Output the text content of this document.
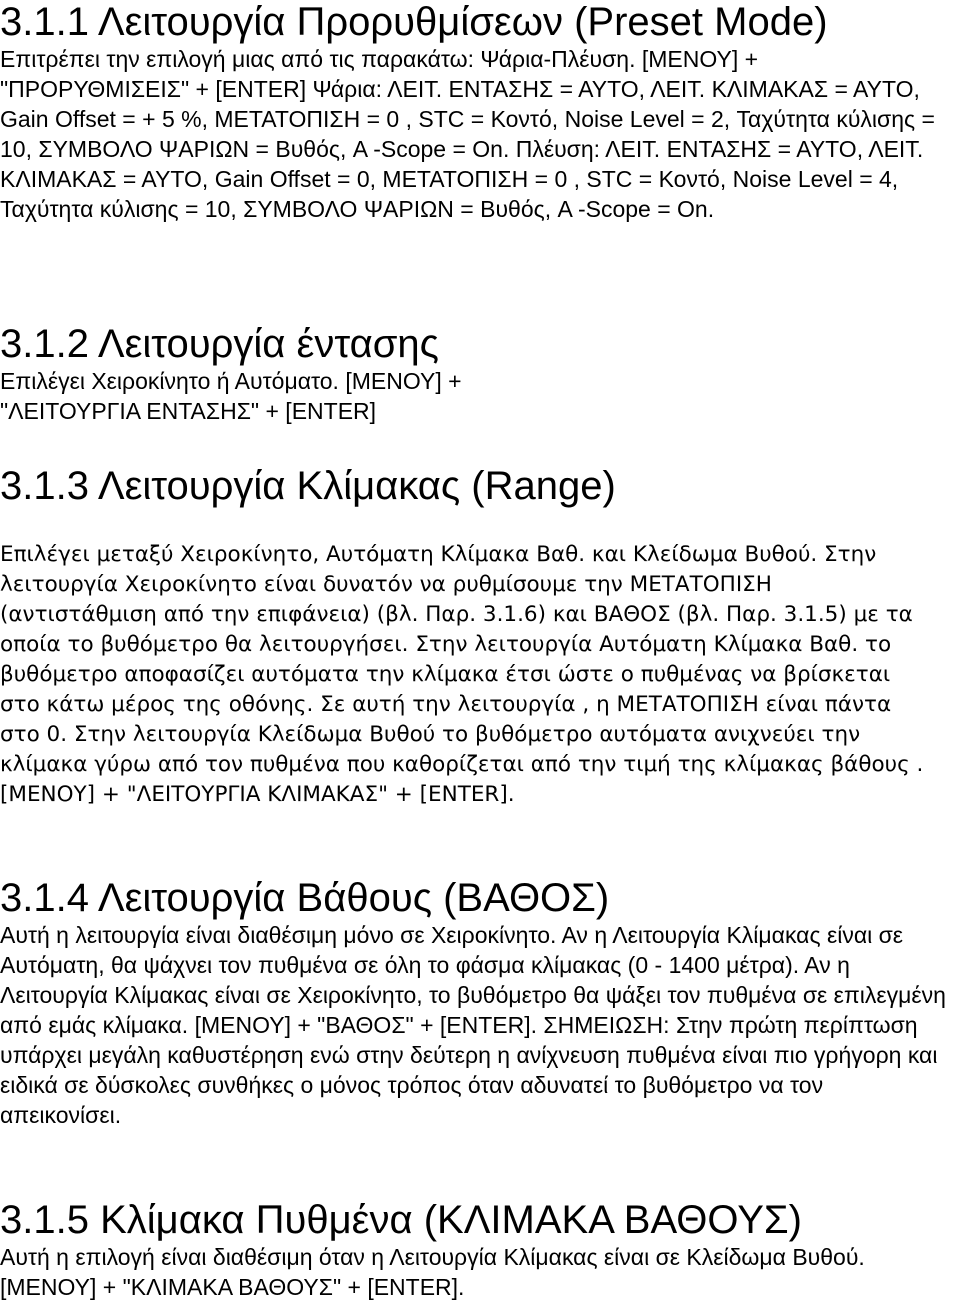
3.1.1 Λειτουργία Προρυθμίσεων (Preset Mode)

Επιτρέπει την επιλογή μιας από τις παρακάτω: Ψάρια-Πλέυση. [ΜΕΝΟΥ] + "ΠΡΟΡΥΘΜΙΣΕΙΣ" + [ENTER] Ψάρια: ΛΕΙΤ. ΕΝΤΑΣΗΣ = ΑΥΤΟ, ΛΕΙΤ. ΚΛΙΜΑΚΑΣ = ΑΥΤΟ, Gain Offset = + 5 %, ΜΕΤΑΤΟΠΙΣΗ = 0 , STC = Κοντό, Noise Level = 2, Ταχύτητα κύλισης = 10, ΣΥΜΒΟΛΟ ΨΑΡΙΩΝ = Βυθός, A -Scope = On. Πλέυση: ΛΕΙΤ. ΕΝΤΑΣΗΣ = ΑΥΤΟ, ΛΕΙΤ. ΚΛΙΜΑΚΑΣ = ΑΥΤΟ, Gain Offset = 0, ΜΕΤΑΤΟΠΙΣΗ = 0 , STC = Κοντό, Noise Level = 4, Ταχύτητα κύλισης = 10, ΣΥΜΒΟΛΟ ΨΑΡΙΩΝ = Βυθός, A -Scope = On.

3.1.2 Λειτουργία έντασης

Επιλέγει Χειροκίνητο ή Αυτόματο. [ΜΕΝΟΥ] + "ΛΕΙΤΟΥΡΓΙΑ ΕΝΤΑΣΗΣ" + [ENTER]

3.1.3 Λειτουργία Κλίμακας (Range)

Επιλέγει μεταξύ Χειροκίνητο, Αυτόματη Κλίμακα Βαθ. και Κλείδωμα Βυθού. Στην λειτουργία Χειροκίνητο είναι δυνατόν να ρυθμίσουμε την ΜΕΤΑΤΟΠΙΣΗ (αντιστάθμιση από την επιφάνεια) (βλ. Παρ. 3.1.6) και ΒΑΘΟΣ (βλ. Παρ. 3.1.5) με τα οποία το βυθόμετρο θα λειτουργήσει. Στην λειτουργία Αυτόματη Κλίμακα Βαθ. το βυθόμετρο αποφασίζει αυτόματα την κλίμακα έτσι ώστε ο πυθμένας να βρίσκεται στο κάτω μέρος της οθόνης. Σε αυτή την λειτουργία , η ΜΕΤΑΤΟΠΙΣΗ είναι πάντα στο 0. Στην λειτουργία Κλείδωμα Βυθού το βυθόμετρο αυτόματα ανιχνεύει την κλίμακα γύρω από τον πυθμένα που καθορίζεται από την τιμή της κλίμακας βάθους . [ΜΕΝΟΥ] + "ΛΕΙΤΟΥΡΓΙΑ ΚΛΙΜΑΚΑΣ" + [ENTER].

3.1.4 Λειτουργία Βάθους (ΒΑΘΟΣ)

Αυτή η λειτουργία είναι διαθέσιμη μόνο σε Χειροκίνητο. Αν η Λειτουργία Κλίμακας είναι σε Αυτόματη, θα ψάχνει τον πυθμένα σε όλη το φάσμα κλίμακας (0 - 1400 μέτρα). Αν η Λειτουργία Κλίμακας είναι σε Χειροκίνητο, το βυθόμετρο θα ψάξει τον πυθμένα σε επιλεγμένη από εμάς κλίμακα. [ΜΕΝΟΥ] + "ΒΑΘΟΣ" + [ENTER]. ΣΗΜΕΙΩΣΗ: Στην πρώτη περίπτωση υπάρχει μεγάλη καθυστέρηση ενώ στην δεύτερη η ανίχνευση πυθμένα είναι πιο γρήγορη και ειδικά σε δύσκολες συνθήκες ο μόνος τρόπος όταν αδυνατεί το βυθόμετρο να τον απεικονίσει.

3.1.5 Κλίμακα Πυθμένα (ΚΛΙΜΑΚΑ ΒΑΘΟΥΣ)

Αυτή η επιλογή είναι διαθέσιμη όταν η Λειτουργία Κλίμακας είναι σε Κλείδωμα Βυθού. [ΜΕΝΟΥ] + "ΚΛΙΜΑΚΑ ΒΑΘΟΥΣ" + [ENTER].
